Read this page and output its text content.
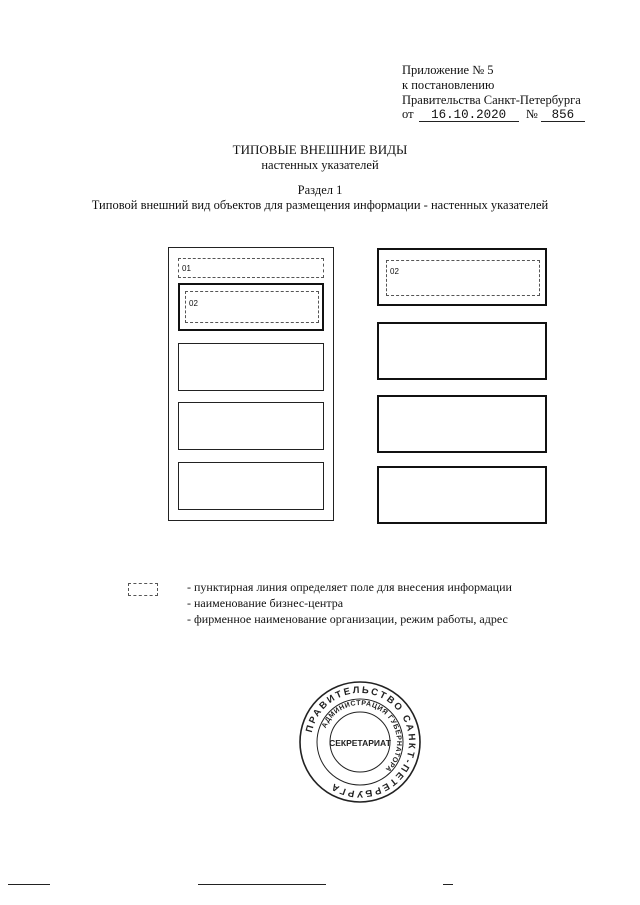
Приложение № 5
к постановлению
Правительства Санкт-Петербурга
от 16.10.2020 № 856
ТИПОВЫЕ ВНЕШНИЕ ВИДЫ
настенных указателей
Раздел 1
Типовой внешний вид объектов для размещения информации - настенных указателей
01
02
02
- пунктирная линия определяет поле для внесения информации
- наименование бизнес-центра
- фирменное наименование организации, режим работы, адрес
ПРАВИТЕЛЬСТВО САНКТ-ПЕТЕРБУРГА
АДМИНИСТРАЦИЯ ГУБЕРНАТОРА
СЕКРЕТАРИАТ
